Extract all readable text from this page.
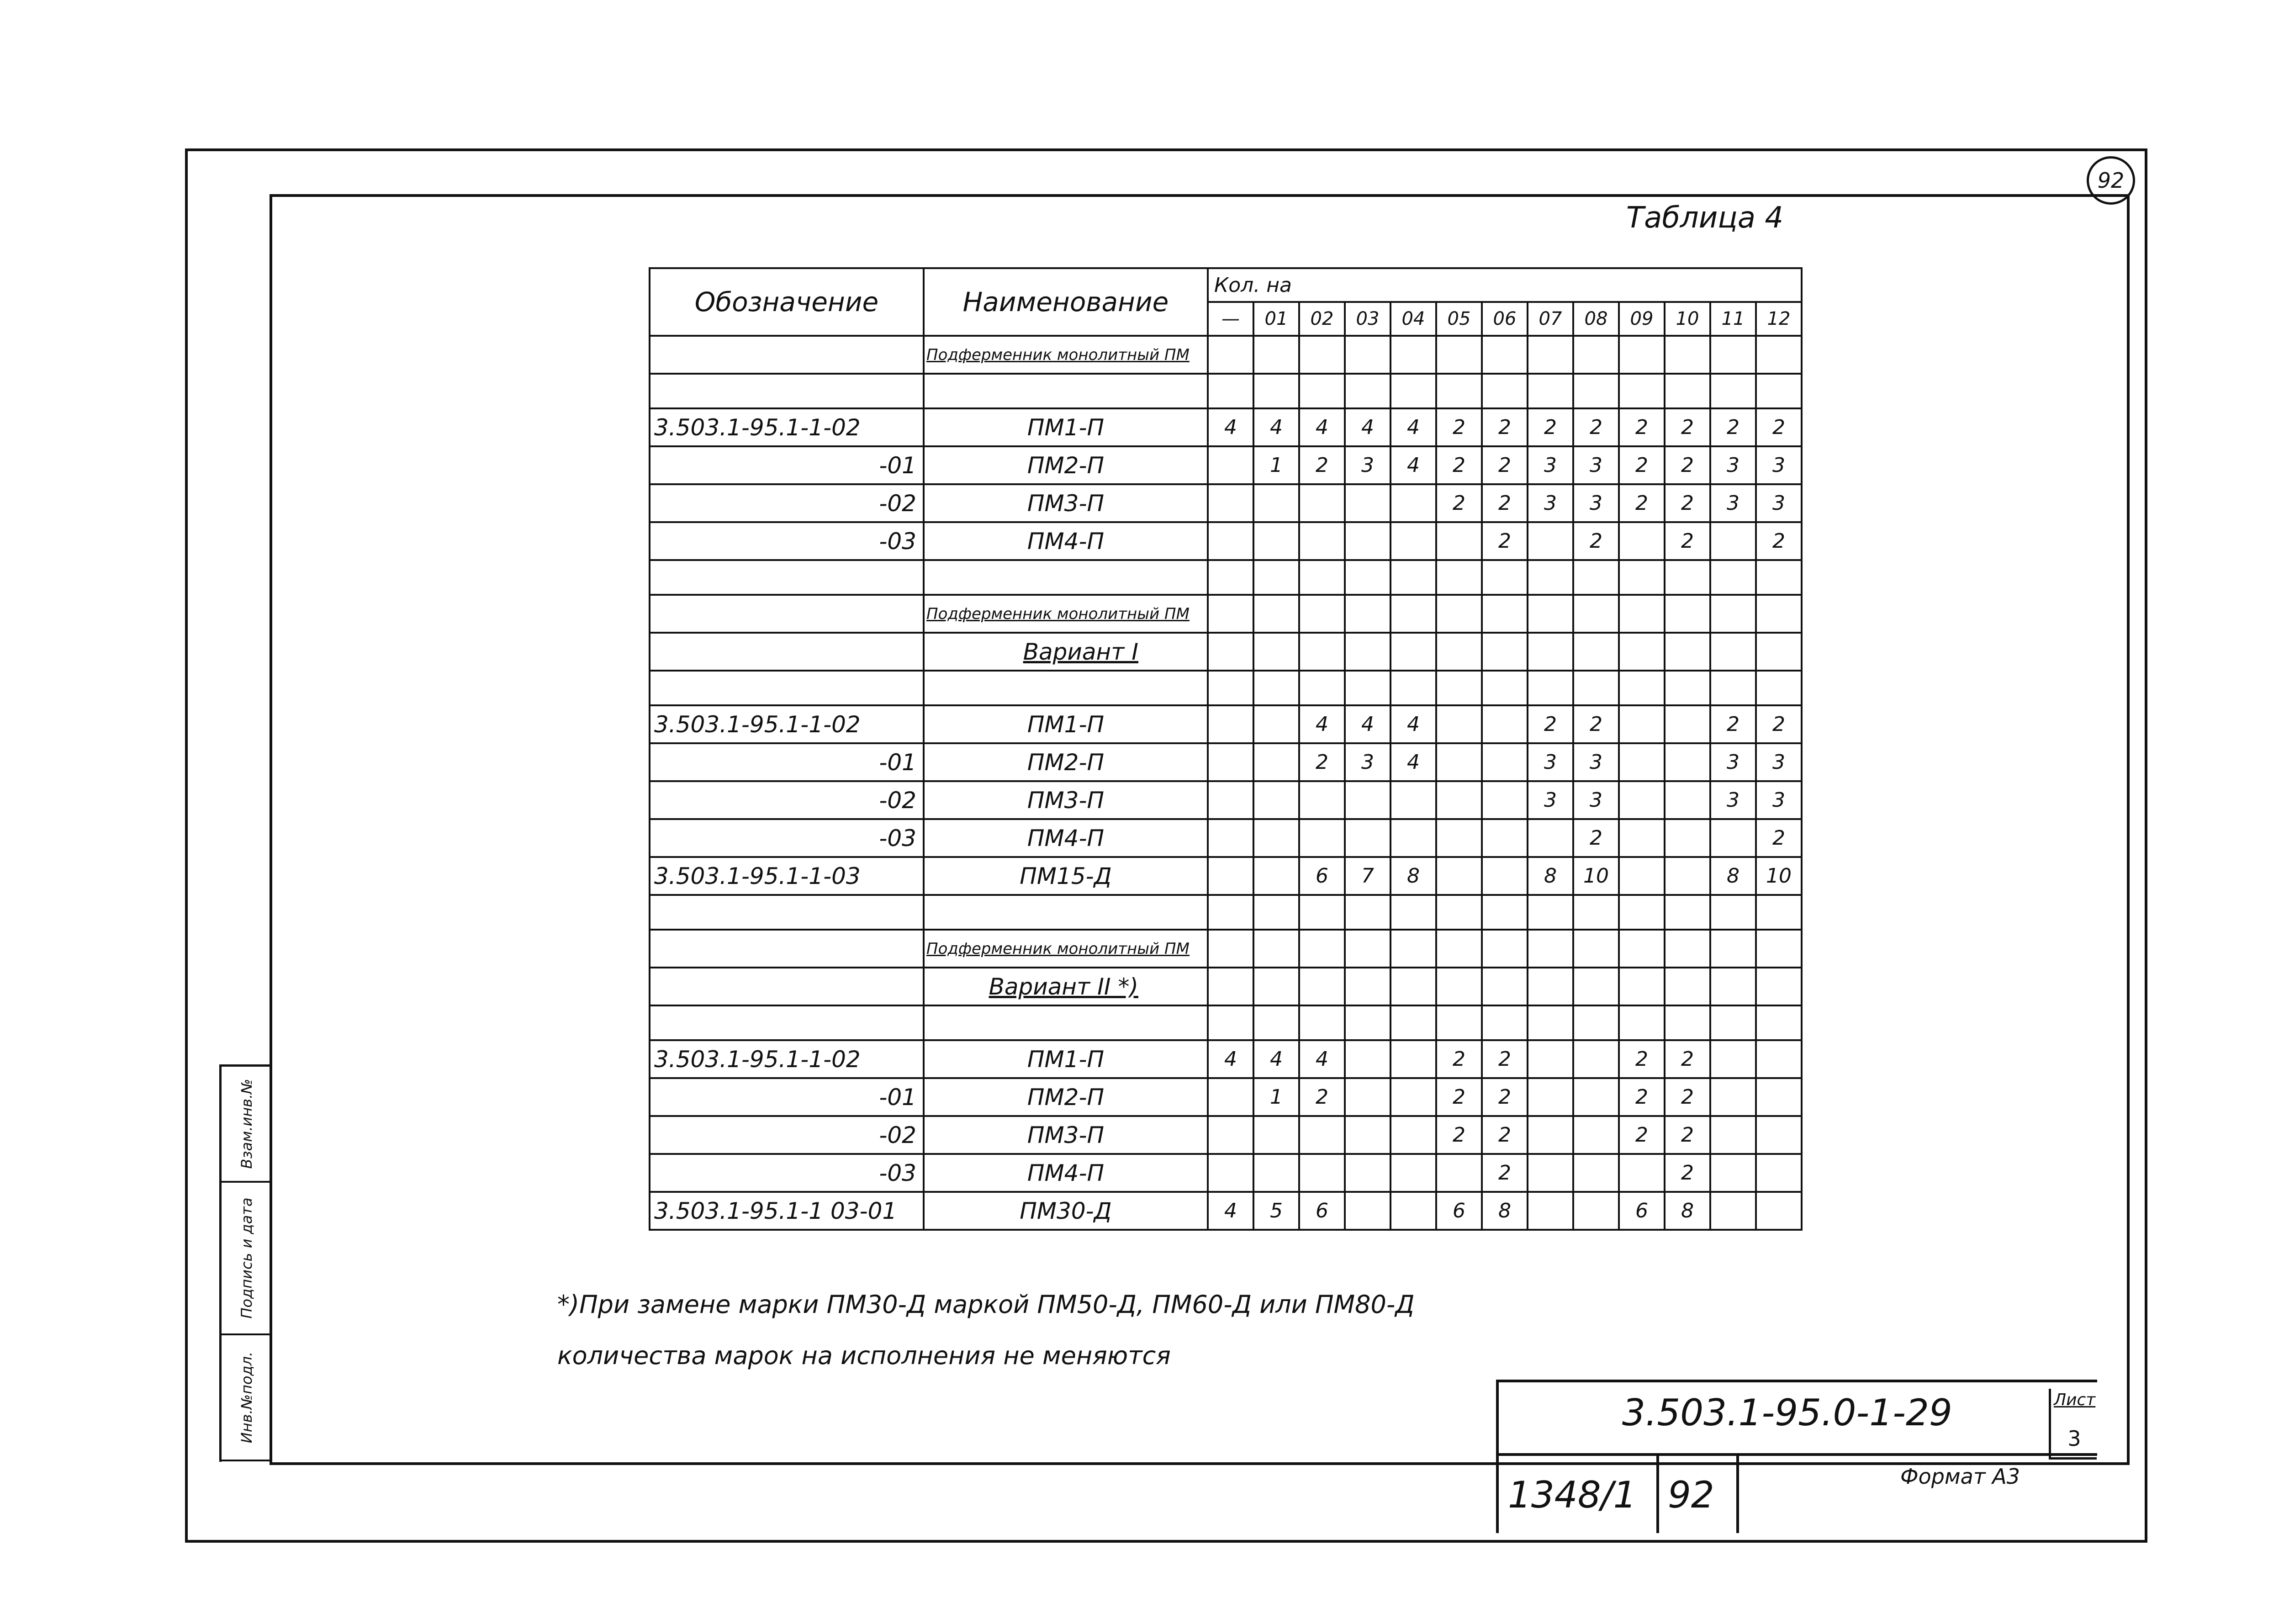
92
Таблица 4
Обозначение	Наименование	Кол. на												
		—	01	02	03	04	05	06	07	08	09	10	11	12
	Подферменник монолитный ПМ													

3.503.1-95.1-1-02	ПМ1-П	4	4	4	4	4	2	2	2	2	2	2	2	2
-01	ПМ2-П		1	2	3	4	2	2	3	3	2	2	3	3
-02	ПМ3-П						2	2	3	3	2	2	3	3
-03	ПМ4-П							2		2		2		2

	Подферменник монолитный ПМ													
	Вариант I													

3.503.1-95.1-1-02	ПМ1-П			4	4	4			2	2			2	2
-01	ПМ2-П			2	3	4			3	3			3	3
-02	ПМ3-П								3	3			3	3
-03	ПМ4-П									2				2
3.503.1-95.1-1-03	ПМ15-Д			6	7	8			8	10			8	10

	Подферменник монолитный ПМ													
	Вариант II *)													

3.503.1-95.1-1-02	ПМ1-П	4	4	4			2	2			2	2		
-01	ПМ2-П		1	2			2	2			2	2		
-02	ПМ3-П						2	2			2	2		
-03	ПМ4-П							2				2		
3.503.1-95.1-1 03-01	ПМ30-Д	4	5	6			6	8			6	8		
*)При замене марки ПМ30-Д маркой ПМ50-Д, ПМ60-Д или ПМ80-Д
количества марок на исполнения не меняются
Взам.инв.№
Подпись и дата
Инв.№подл.	3.503.1-95.0-1-29
1348/1 92
Лист
3
Формат А3
